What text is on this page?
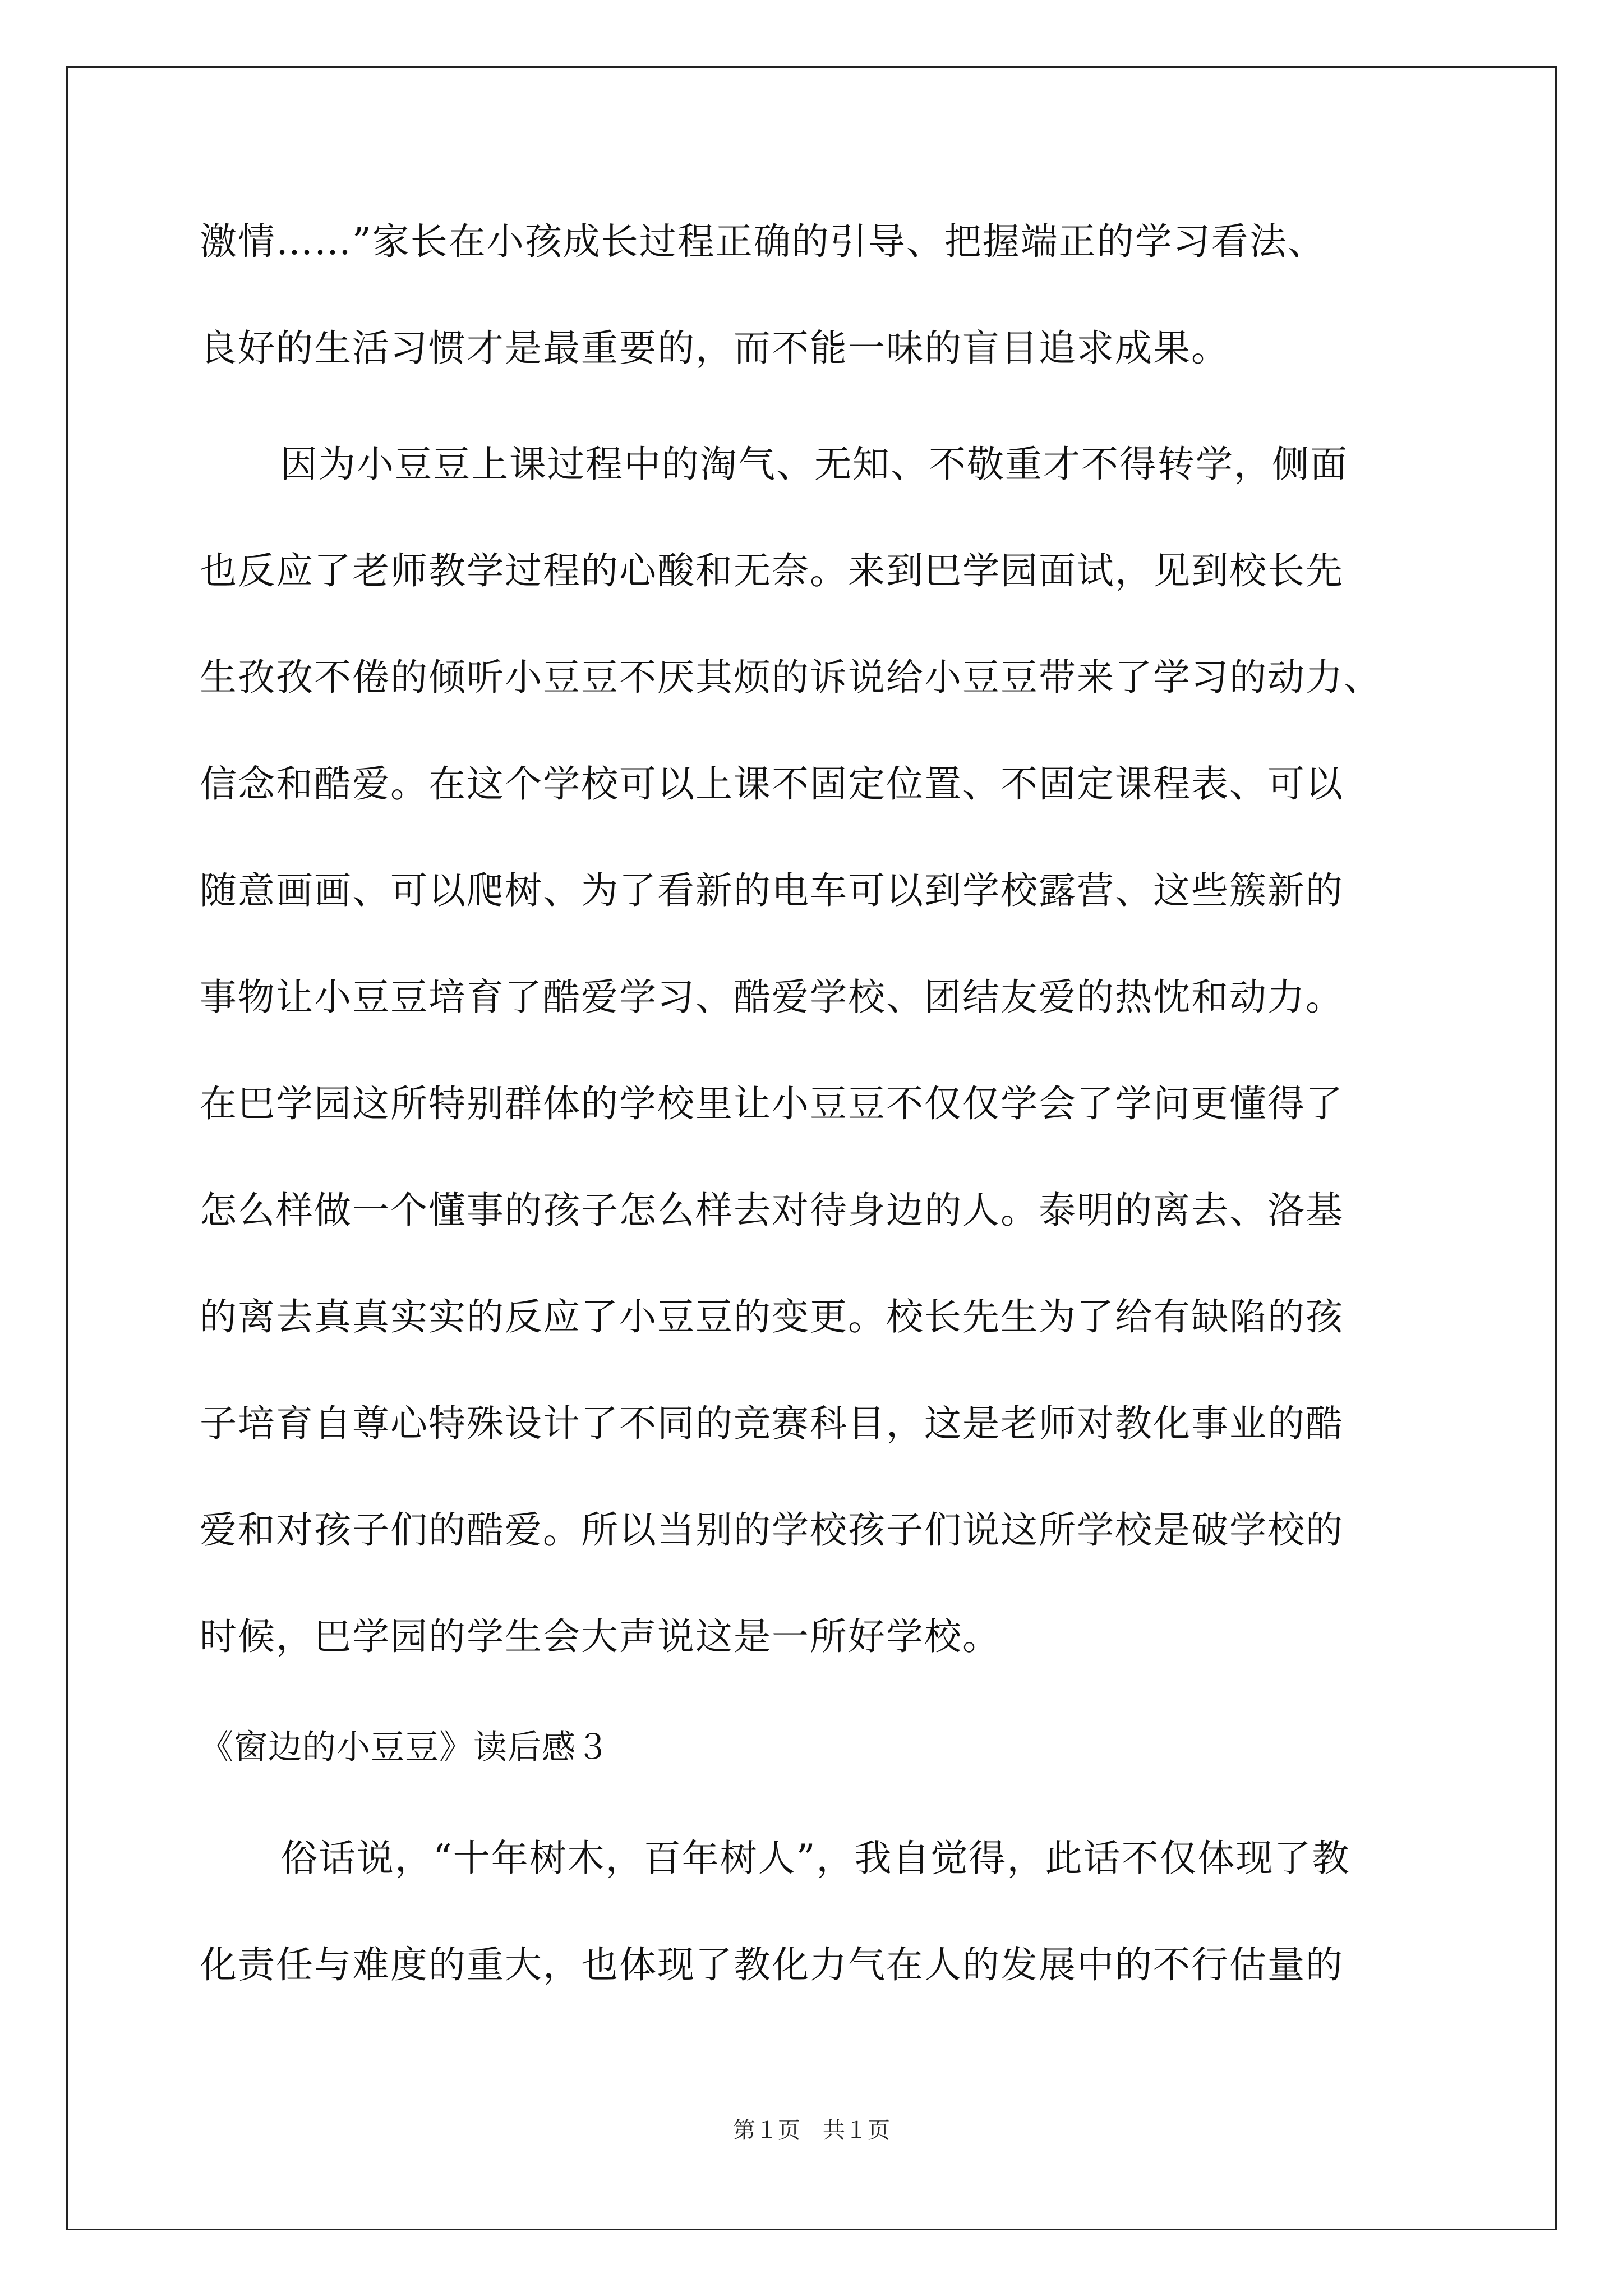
激情……”家长在小孩成长过程正确的引导、把握端正的学习看法、
良好的生活习惯才是最重要的，而不能一味的盲目追求成果。
因为小豆豆上课过程中的淘气、无知、不敬重才不得转学，侧面
也反应了老师教学过程的心酸和无奈。来到巴学园面试，见到校长先
生孜孜不倦的倾听小豆豆不厌其烦的诉说给小豆豆带来了学习的动力、
信念和酷爱。在这个学校可以上课不固定位置、不固定课程表、可以
随意画画、可以爬树、为了看新的电车可以到学校露营、这些簇新的
事物让小豆豆培育了酷爱学习、酷爱学校、团结友爱的热忱和动力。
在巴学园这所特别群体的学校里让小豆豆不仅仅学会了学问更懂得了
怎么样做一个懂事的孩子怎么样去对待身边的人。泰明的离去、洛基
的离去真真实实的反应了小豆豆的变更。校长先生为了给有缺陷的孩
子培育自尊心特殊设计了不同的竞赛科目，这是老师对教化事业的酷
爱和对孩子们的酷爱。所以当别的学校孩子们说这所学校是破学校的
时候，巴学园的学生会大声说这是一所好学校。
《窗边的小豆豆》读后感３
俗话说，“十年树木，百年树人”，我自觉得，此话不仅体现了教
化责任与难度的重大，也体现了教化力气在人的发展中的不行估量的
第１页　共１页
